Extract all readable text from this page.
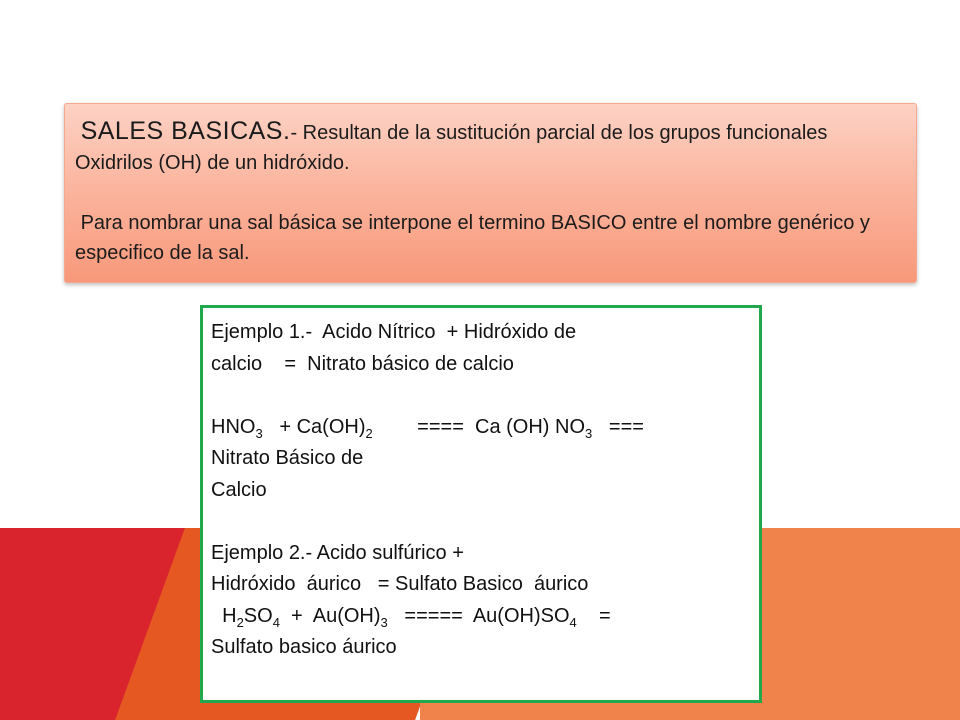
SALES BASICAS.- Resultan de la sustitución parcial de los grupos funcionales Oxidrilos (OH) de un hidróxido.

Para nombrar una sal básica se interpone el termino BASICO entre el nombre genérico y especifico de la sal.

Ejemplo 1.-  Acido Nítrico  + Hidróxido de
calcio    =  Nitrato básico de calcio
$HNO_3 + Ca(OH)_2$        ====  Ca (OH) $NO_3$   ===
Nitrato Básico de
Calcio
Ejemplo 2.- Acido sulfúrico +
Hidróxido  áurico   = Sulfato Basico  áurico
$H_2SO_4 + Au(OH)_3$   =====  $Au(OH)SO_4$    =
Sulfato basico áurico
